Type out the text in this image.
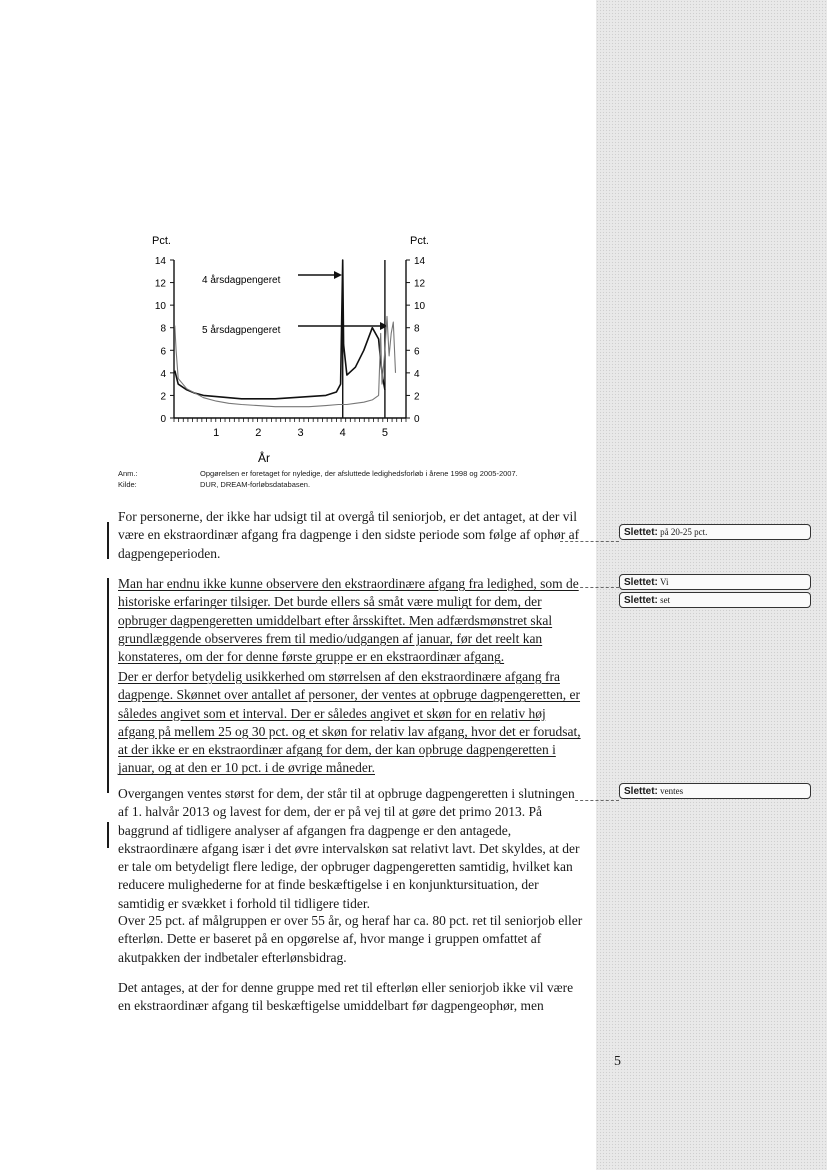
Pct.	Pct.
År
4 årsdagpengeret
5 årsdagpengeret
0	0
2	2
4	4
6	6
8	8
10	10
12	12
14	14
1	2	3	4	5
Anm.:	Opgørelsen er foretaget for nyledige, der afsluttede ledighedsforløb i årene 1998 og 2005-2007.
Kilde:	DUR, DREAM-forløbsdatabasen.

For personerne, der ikke har udsigt til at overgå til seniorjob, er det antaget, at der vil være en ekstraordinær afgang fra dagpenge i den sidste periode som følge af ophør af dagpengeperioden.

Man har endnu ikke kunne observere den ekstraordinære afgang fra ledighed, som de historiske erfaringer tilsiger. Det burde ellers så småt være muligt for dem, der opbruger dagpengeretten umiddelbart efter årsskiftet. Men adfærdsmønstret skal grundlæggende observeres frem til medio/udgangen af januar, før det reelt kan konstateres, om der for denne første gruppe er en ekstraordinær afgang.

Der er derfor betydelig usikkerhed om størrelsen af den ekstraordinære afgang fra dagpenge. Skønnet over antallet af personer, der ventes at opbruge dagpengeretten, er således angivet som et interval. Der er således angivet et skøn for en relativ høj afgang på mellem 25 og 30 pct. og et skøn for relativ lav afgang, hvor det er forudsat, at der ikke er en ekstraordinær afgang for dem, der kan opbruge dagpengeretten i januar, og at den er 10 pct. i de øvrige måneder.

Overgangen ventes størst for dem, der står til at opbruge dagpengeretten i slutningen af 1. halvår 2013 og lavest for dem, der er på vej til at gøre det primo 2013. På baggrund af tidligere analyser af afgangen fra dagpenge er den antagede, ekstraordinære afgang især i det øvre intervalskøn sat relativt lavt. Det skyldes, at der er tale om betydeligt flere ledige, der opbruger dagpengeretten samtidig, hvilket kan reducere mulighederne for at finde beskæftigelse i en konjunktursituation, der samtidig er svækket i forhold til tidligere tider.

Over 25 pct. af målgruppen er over 55 år, og heraf har ca. 80 pct. ret til seniorjob eller efterløn. Dette er baseret på en opgørelse af, hvor mange i gruppen omfattet af akutpakken der indbetaler efterlønsbidrag.

Det antages, at der for denne gruppe med ret til efterløn eller seniorjob ikke vil være en ekstraordinær afgang til beskæftigelse umiddelbart før dagpengeophør, men

Slettet: på 20-25 pct.
Slettet: Vi
Slettet: set
Slettet: ventes
5
